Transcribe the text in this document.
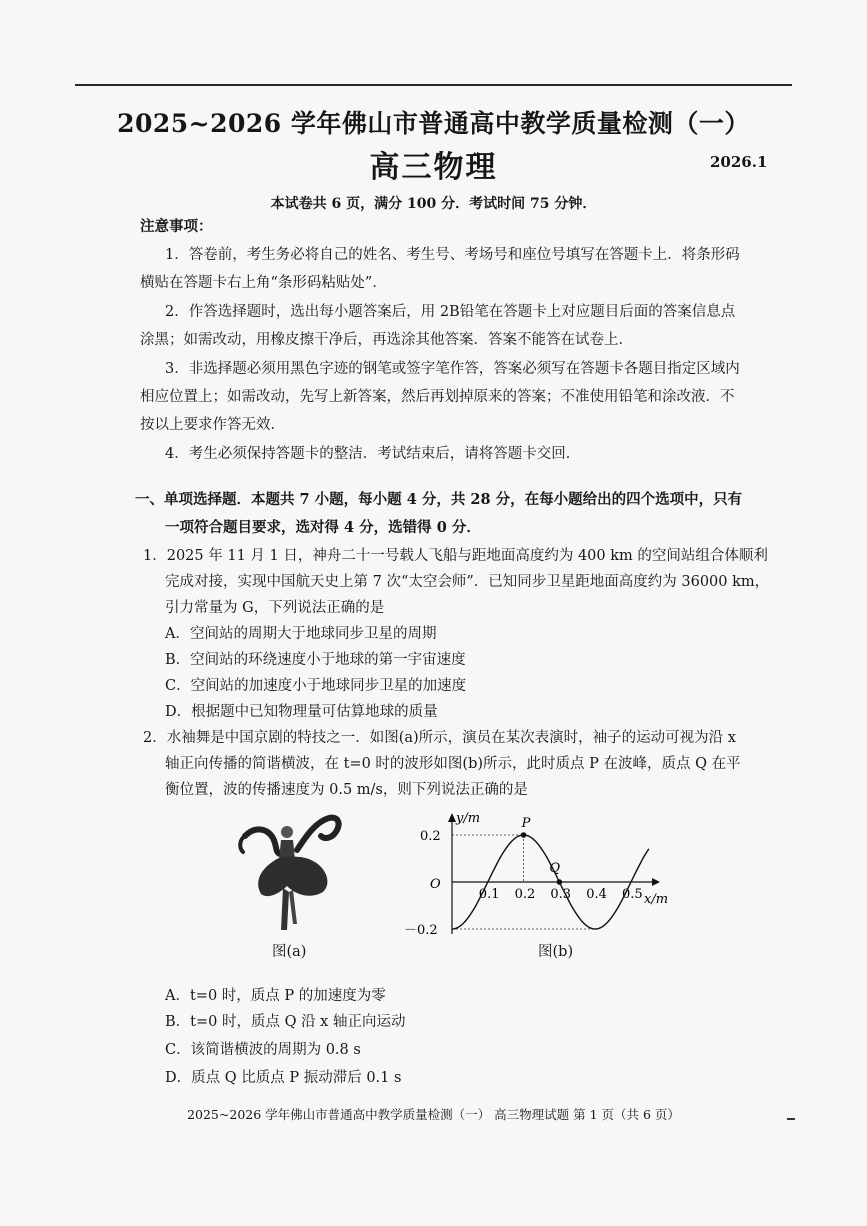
2025~2026 学年佛山市普通高中教学质量检测（一）
高三物理	2026.1
本试卷共 6 页，满分 100 分．考试时间 75 分钟．
注意事项：
1．答卷前，考生务必将自己的姓名、考生号、考场号和座位号填写在答题卡上．将条形码
横贴在答题卡右上角“条形码粘贴处”．
2．作答选择题时，选出每小题答案后，用 2B铅笔在答题卡上对应题目后面的答案信息点
涂黑；如需改动，用橡皮擦干净后，再选涂其他答案．答案不能答在试卷上．
3．非选择题必须用黑色字迹的钢笔或签字笔作答，答案必须写在答题卡各题目指定区域内
相应位置上；如需改动，先写上新答案，然后再划掉原来的答案；不准使用铅笔和涂改液．不
按以上要求作答无效．
4．考生必须保持答题卡的整洁．考试结束后，请将答题卡交回．
一、单项选择题．本题共 7 小题，每小题 4 分，共 28 分，在每小题给出的四个选项中，只有
一项符合题目要求，选对得 4 分，选错得 0 分．
1．2025 年 11 月 1 日，神舟二十一号载人飞船与距地面高度约为 400 km 的空间站组合体顺利
完成对接，实现中国航天史上第 7 次“太空会师”．已知同步卫星距地面高度约为 36000 km，
引力常量为 G，下列说法正确的是
A．空间站的周期大于地球同步卫星的周期
B．空间站的环绕速度小于地球的第一宇宙速度
C．空间站的加速度小于地球同步卫星的加速度
D．根据题中已知物理量可估算地球的质量
2．水袖舞是中国京剧的特技之一．如图(a)所示，演员在某次表演时，袖子的运动可视为沿 x
轴正向传播的简谐横波，在 t=0 时的波形如图(b)所示，此时质点 P 在波峰，质点 Q 在平
衡位置，波的传播速度为 0.5 m/s，则下列说法正确的是
图(a)
y/m
x/m
O
0.2
－0.2
0.1 0.2 0.3 0.4 0.5
P
Q
图(b)
A．t=0 时，质点 P 的加速度为零
B．t=0 时，质点 Q 沿 x 轴正向运动
C．该简谐横波的周期为 0.8 s
D．质点 Q 比质点 P 振动滞后 0.1 s
2025~2026 学年佛山市普通高中教学质量检测（一） 高三物理试题 第 1 页（共 6 页）
